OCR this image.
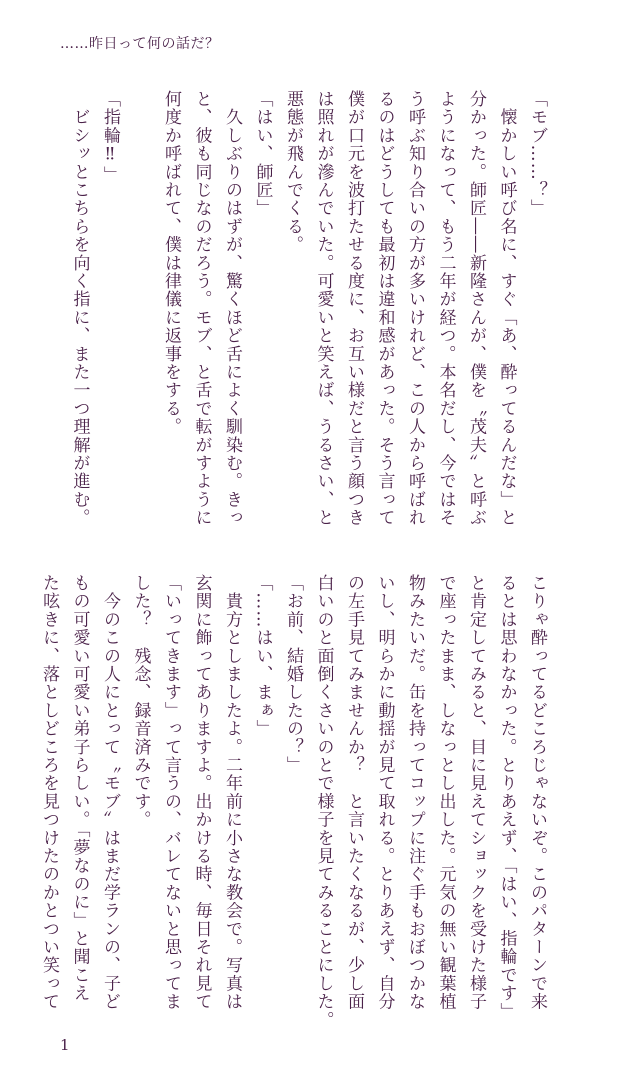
……昨日って何の話だ？
「モブ……？」
　懐かしい呼び名に、すぐ「あ、酔ってるんだな」と
分かった。師匠――新隆さんが、僕を〝茂夫〟と呼ぶ
ようになって、もう二年が経つ。本名だし、今ではそ
う呼ぶ知り合いの方が多いけれど、この人から呼ばれ
るのはどうしても最初は違和感があった。そう言って
僕が口元を波打たせる度に、お互い様だと言う顔つき
は照れが滲んでいた。可愛いと笑えば、うるさい、と
悪態が飛んでくる。
「はい、師匠」
　久しぶりのはずが、驚くほど舌によく馴染む。きっ
と、彼も同じなのだろう。モブ、と舌で転がすように
何度か呼ばれて、僕は律儀に返事をする。

「指輪‼」
　ビシッとこちらを向く指に、また一つ理解が進む。
こりゃ酔ってるどころじゃないぞ。このパターンで来
るとは思わなかった。とりあえず、「はい、指輪です」
と肯定してみると、目に見えてショックを受けた様子
で座ったまま、しなっとし出した。元気の無い観葉植
物みたいだ。缶を持ってコップに注ぐ手もおぼつかな
いし、明らかに動揺が見て取れる。とりあえず、自分
の左手見てみませんか？　と言いたくなるが、少し面
白いのと面倒くさいのとで様子を見てみることにした。
「お前、結婚したの？」
「……はい、まぁ」
　貴方としましたよ。二年前に小さな教会で。写真は
玄関に飾ってありますよ。出かける時、毎日それ見て
「いってきます」って言うの、バレてないと思ってま
した？　残念、録音済みです。
　今のこの人にとって〝モブ〟はまだ学ランの、子ど
もの可愛い可愛い弟子らしい。「夢なのに」と聞こえ
た呟きに、落としどころを見つけたのかとつい笑って
1
